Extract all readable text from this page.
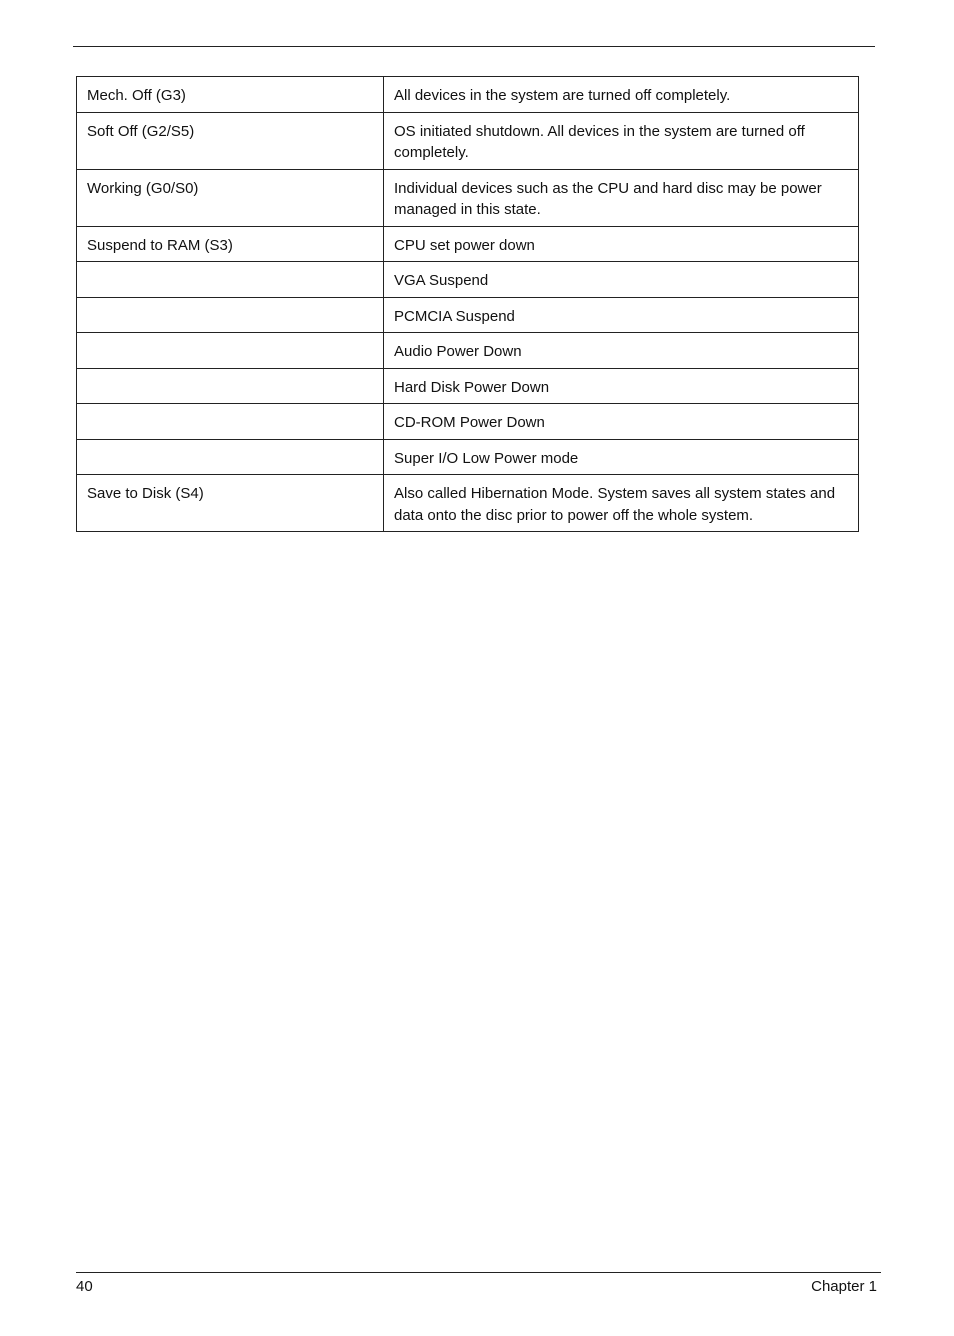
Mech. Off (G3)	All devices in the system are turned off completely.
Soft Off (G2/S5)	OS initiated shutdown. All devices in the system are turned off completely.
Working (G0/S0)	Individual devices such as the CPU and hard disc may be power managed in this state.
Suspend to RAM (S3)	CPU set power down
	VGA Suspend
	PCMCIA Suspend
	Audio Power Down
	Hard Disk Power Down
	CD-ROM Power Down
	Super I/O Low Power mode
Save to Disk (S4)	Also called Hibernation Mode. System saves all system states and data onto the disc prior to power off the whole system.
40	Chapter 1
